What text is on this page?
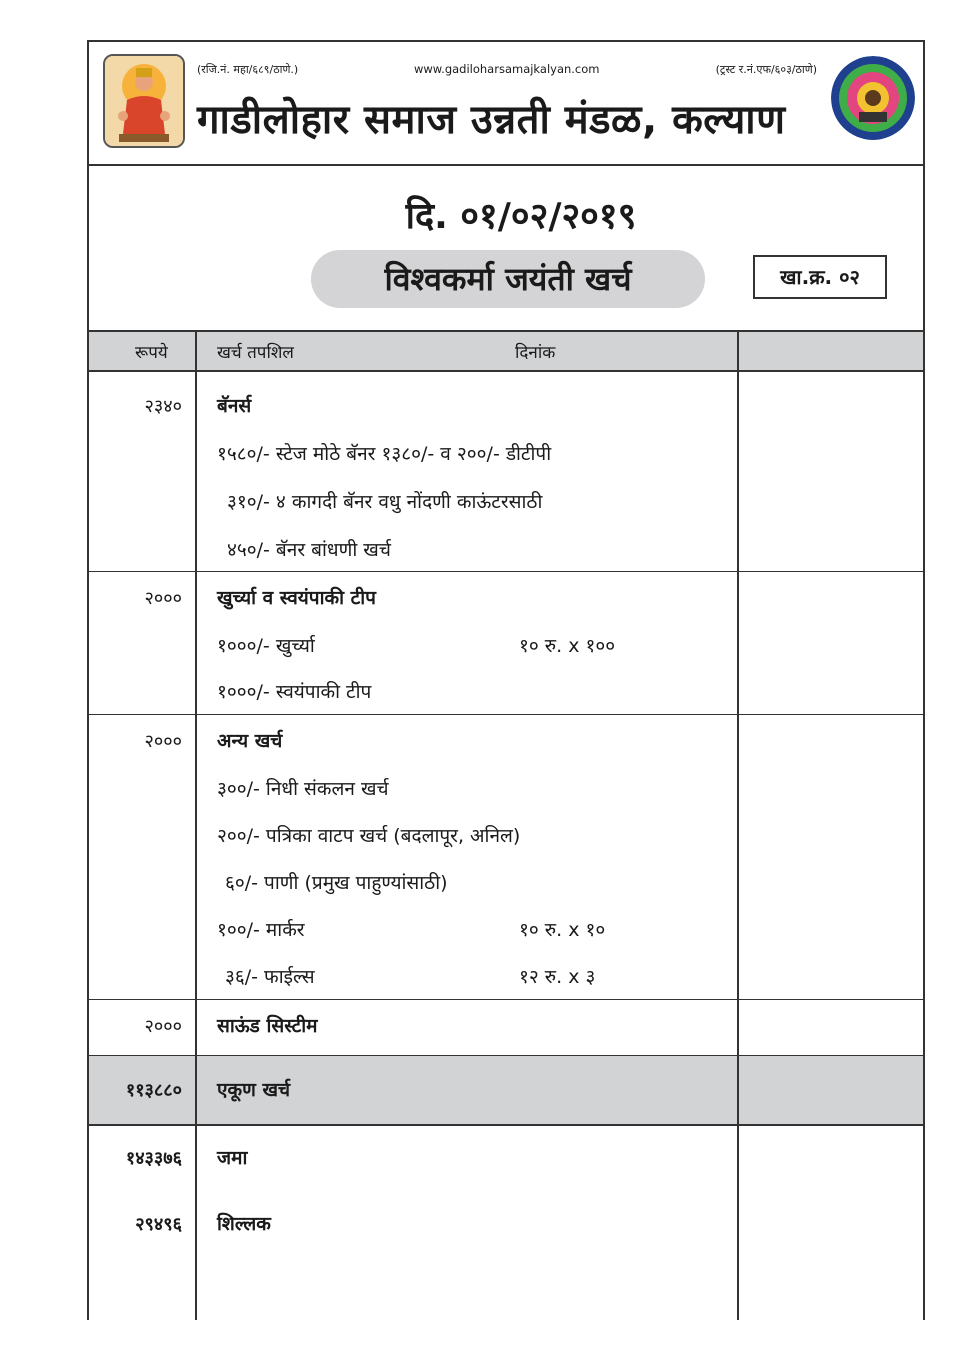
(रजि.नं. महा/६८९/ठाणे.)	www.gadiloharsamajkalyan.com	(ट्रस्ट र.नं.एफ/६०३/ठाणे)
गाडीलोहार समाज उन्नती मंडळ, कल्याण
दि. ०१/०२/२०१९
विश्वकर्मा जयंती खर्च	खा.क्र. ०२
रूपये	खर्च तपशिल	दिनांक
२३४० बॅनर्स
१५८०/- स्टेज मोठे बॅनर १३८०/- व २००/- डीटीपी
३१०/- ४ कागदी बॅनर वधु नोंदणी काऊंटरसाठी
४५०/- बॅनर बांधणी खर्च
२००० खुर्च्या व स्वयंपाकी टीप
१०००/- खुर्च्या	१० रु. x १००
१०००/- स्वयंपाकी टीप
२००० अन्य खर्च
३००/- निधी संकलन खर्च
२००/- पत्रिका वाटप खर्च (बदलापूर, अनिल)
६०/- पाणी (प्रमुख पाहुण्यांसाठी)
१००/- मार्कर	१० रु. x १०
३६/- फाईल्स	१२ रु. x ३
२००० साऊंड सिस्टीम
११३८८० एकूण खर्च
१४३३७६ जमा
२९४९६ शिल्लक
